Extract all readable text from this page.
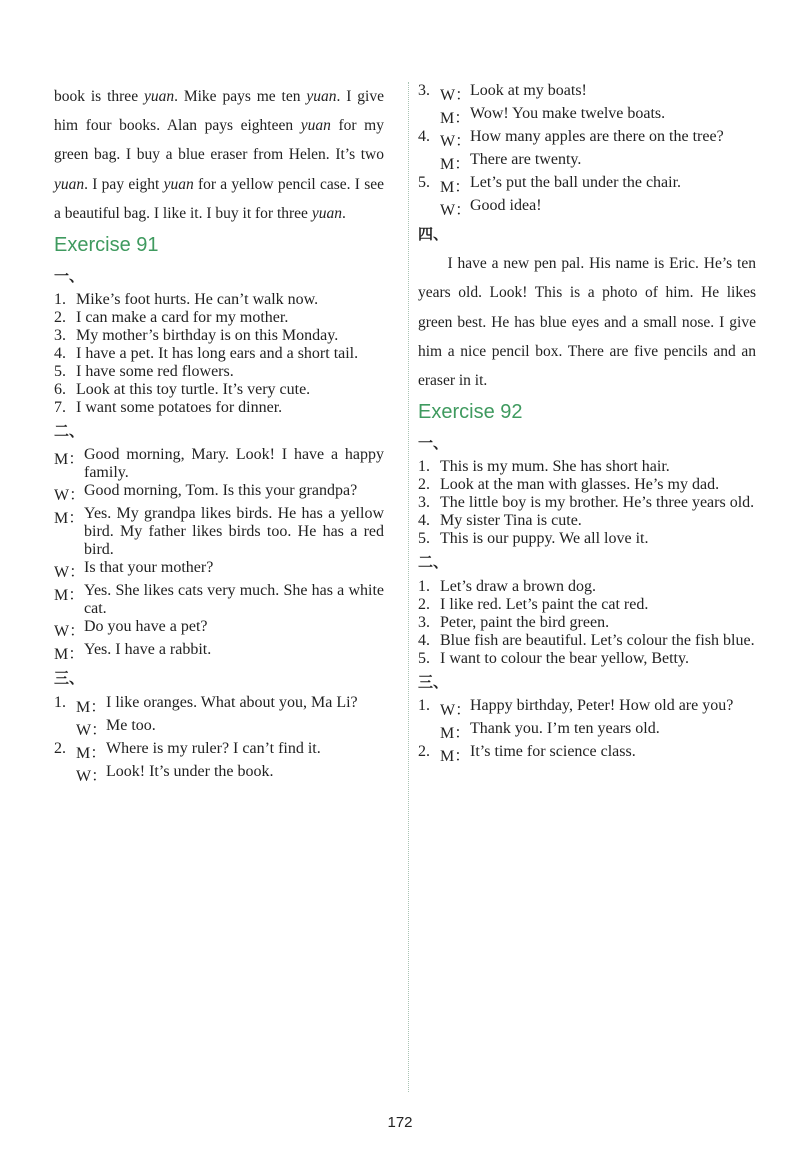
book is three yuan. Mike pays me ten yuan. I give him four books. Alan pays eighteen yuan for my green bag. I buy a blue eraser from Helen. It’s two yuan. I pay eight yuan for a yellow pencil case. I see a beautiful bag. I like it. I buy it for three yuan.
Exercise 91
一、
1. Mike’s foot hurts. He can’t walk now.
2. I can make a card for my mother.
3. My mother’s birthday is on this Monday.
4. I have a pet. It has long ears and a short tail.
5. I have some red flowers.
6. Look at this toy turtle. It’s very cute.
7. I want some potatoes for dinner.
二、
M： Good morning, Mary. Look! I have a happy family.
W：
Good morning, Tom. Is this your grandpa?
M： Yes. My grandpa likes birds. He has a yellow bird. My father likes birds too. He has a red bird.
W：
Is that your mother?
M： Yes. She likes cats very much. She has a white cat.
W：
Do you have a pet?
M： Yes. I have a rabbit.
三、
1. M： I like oranges. What about you, Ma Li?
W：
Me too.
2. M： Where is my ruler? I can’t find it.
W：
Look! It’s under the book.
3. W：
Look at my boats!
M： Wow! You make twelve boats.
4. W：
How many apples are there on the tree?
M： There are twenty.
5. M： Let’s put the ball under the chair.
W：
Good idea!
四、
I have a new pen pal. His name is Eric. He’s ten years old. Look! This is a photo of him. He likes green best. He has blue eyes and a small nose. I give him a nice pencil box. There are five pencils and an eraser in it.
Exercise 92
一、
1. This is my mum. She has short hair.
2. Look at the man with glasses. He’s my dad.
3. The little boy is my brother. He’s three years old.
4. My sister Tina is cute.
5. This is our puppy. We all love it.
二、
1. Let’s draw a brown dog.
2. I like red. Let’s paint the cat red.
3. Peter, paint the bird green.
4. Blue fish are beautiful. Let’s colour the fish blue.
5. I want to colour the bear yellow, Betty.
三、
1. W：
Happy birthday, Peter! How old are you?
M： Thank you. I’m ten years old.
2. M： It’s time for science class.
172
